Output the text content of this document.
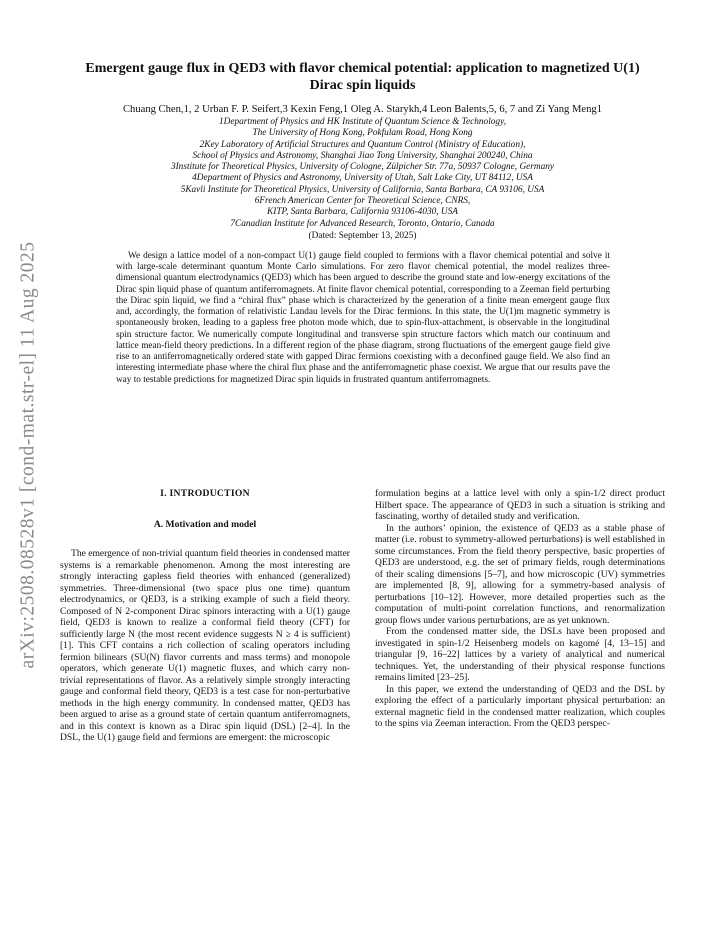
arXiv:2508.08528v1 [cond-mat.str-el] 11 Aug 2025
Emergent gauge flux in QED3 with flavor chemical potential: application to magnetized U(1) Dirac spin liquids
Chuang Chen,1, 2 Urban F. P. Seifert,3 Kexin Feng,1 Oleg A. Starykh,4 Leon Balents,5, 6, 7 and Zi Yang Meng1
1Department of Physics and HK Institute of Quantum Science & Technology,
The University of Hong Kong, Pokfulam Road, Hong Kong
2Key Laboratory of Artificial Structures and Quantum Control (Ministry of Education),
School of Physics and Astronomy, Shanghai Jiao Tong University, Shanghai 200240, China
3Institute for Theoretical Physics, University of Cologne, Zülpicher Str. 77a, 50937 Cologne, Germany
4Department of Physics and Astronomy, University of Utah, Salt Lake City, UT 84112, USA
5Kavli Institute for Theoretical Physics, University of California, Santa Barbara, CA 93106, USA
6French American Center for Theoretical Science, CNRS,
KITP, Santa Barbara, California 93106-4030, USA
7Canadian Institute for Advanced Research, Toronto, Ontario, Canada
(Dated: September 13, 2025)
We design a lattice model of a non-compact U(1) gauge field coupled to fermions with a flavor chemical potential and solve it with large-scale determinant quantum Monte Carlo simulations. For zero flavor chemical potential, the model realizes three-dimensional quantum electrodynamics (QED3) which has been argued to describe the ground state and low-energy excitations of the Dirac spin liquid phase of quantum antiferromagnets. At finite flavor chemical potential, corresponding to a Zeeman field perturbing the Dirac spin liquid, we find a “chiral flux” phase which is characterized by the generation of a finite mean emergent gauge flux and, accordingly, the formation of relativistic Landau levels for the Dirac fermions. In this state, the U(1)m magnetic symmetry is spontaneously broken, leading to a gapless free photon mode which, due to spin-flux-attachment, is observable in the longitudinal spin structure factor. We numerically compute longitudinal and transverse spin structure factors which match our continuum and lattice mean-field theory predictions. In a different region of the phase diagram, strong fluctuations of the emergent gauge field give rise to an antiferromagnetically ordered state with gapped Dirac fermions coexisting with a deconfined gauge field. We also find an interesting intermediate phase where the chiral flux phase and the antiferromagnetic phase coexist. We argue that our results pave the way to testable predictions for magnetized Dirac spin liquids in frustrated quantum antiferromagnets.
I. INTRODUCTION
A. Motivation and model

The emergence of non-trivial quantum field theories in condensed matter systems is a remarkable phenomenon. Among the most interesting are strongly interacting gapless field theories with enhanced (generalized) symmetries. Three-dimensional (two space plus one time) quantum electrodynamics, or QED3, is a striking example of such a field theory. Composed of N 2-component Dirac spinors interacting with a U(1) gauge field, QED3 is known to realize a conformal field theory (CFT) for sufficiently large N (the most recent evidence suggests N ≥ 4 is sufficient) [1]. This CFT contains a rich collection of scaling operators including fermion bilinears (SU(N) flavor currents and mass terms) and monopole operators, which generate U(1) magnetic fluxes, and which carry non-trivial representations of flavor. As a relatively simple strongly interacting gauge and conformal field theory, QED3 is a test case for non-perturbative methods in the high energy community. In condensed matter, QED3 has been argued to arise as a ground state of certain quantum antiferromagnets, and in this context is known as a Dirac spin liquid (DSL) [2–4]. In the DSL, the U(1) gauge field and fermions are emergent: the microscopic

formulation begins at a lattice level with only a spin-1/2 direct product Hilbert space. The appearance of QED3 in such a situation is striking and fascinating, worthy of detailed study and verification.

In the authors’ opinion, the existence of QED3 as a stable phase of matter (i.e. robust to symmetry-allowed perturbations) is well established in some circumstances. From the field theory perspective, basic properties of QED3 are understood, e.g. the set of primary fields, rough determinations of their scaling dimensions [5–7], and how microscopic (UV) symmetries are implemented [8, 9], allowing for a symmetry-based analysis of perturbations [10–12]. However, more detailed properties such as the computation of multi-point correlation functions, and renormalization group flows under various perturbations, are as yet unknown.

From the condensed matter side, the DSLs have been proposed and investigated in spin-1/2 Heisenberg models on kagomé [4, 13–15] and triangular [9, 16–22] lattices by a variety of analytical and numerical techniques. Yet, the understanding of their physical response functions remains limited [23–25].

In this paper, we extend the understanding of QED3 and the DSL by exploring the effect of a particularly important physical perturbation: an external magnetic field in the condensed matter realization, which couples to the spins via Zeeman interaction. From the QED3 perspec-
